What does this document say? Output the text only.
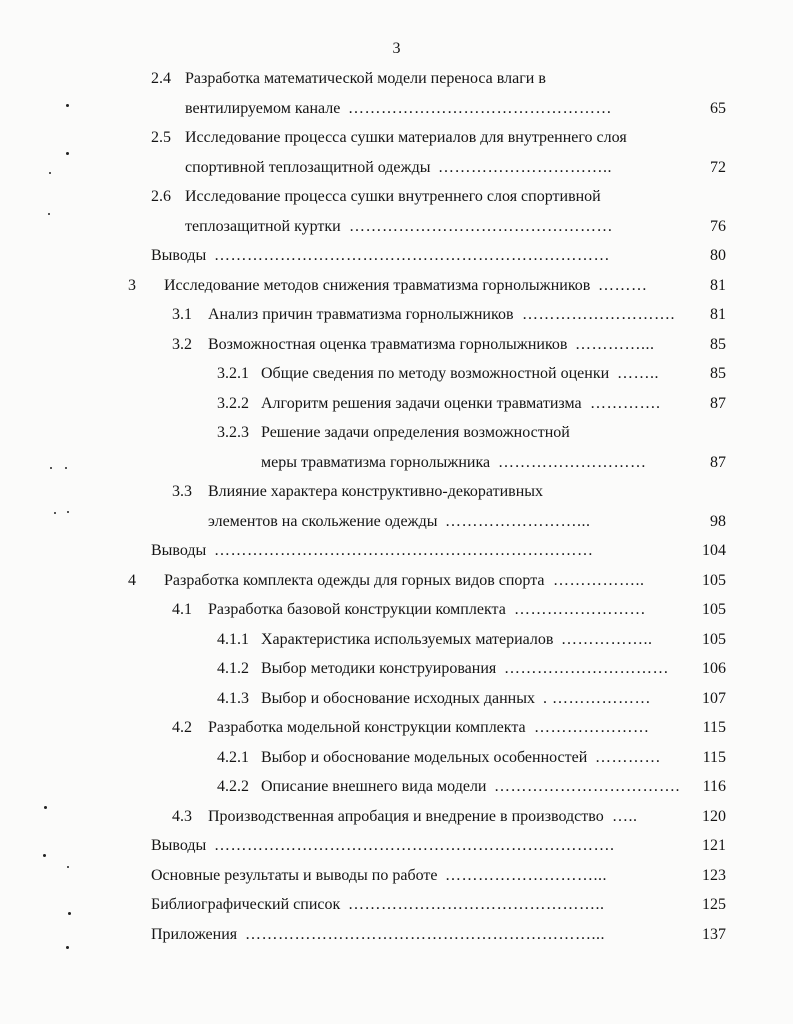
3
2.4 Разработка математической модели переноса влаги в
вентилируемом канале	65
…………………………………………
2.5 Исследование процесса сушки материалов для внутреннего слоя
спортивной теплозащитной одежды	72
…………………………..
2.6 Исследование процесса сушки внутреннего слоя спортивной
теплозащитной куртки	76
…………………………………………
Выводы	80
………………………………………………………………
3 Исследование методов снижения травматизма горнолыжников	81
………
3.1 Анализ причин травматизма горнолыжников	81
……………………….
3.2 Возможностная оценка травматизма горнолыжников	85
…………...
3.2.1 Общие сведения по методу возможностной оценки	85
……..
3.2.2 Алгоритм решения задачи оценки травматизма	87
………….
3.2.3 Решение задачи определения возможностной
меры травматизма горнолыжника	87
………………………
3.3 Влияние характера конструктивно-декоративных
элементов на скольжение одежды	98
……………………...
Выводы	104
……………………………………………………………
4 Разработка комплекта одежды для горных видов спорта	105
……………..
4.1 Разработка базовой конструкции комплекта	105
……………………
4.1.1 Характеристика используемых материалов	105
……………..
4.1.2 Выбор методики конструирования	106
…………………………
4.1.3 Выбор и обоснование исходных данных	107
. ………………
4.2 Разработка модельной конструкции комплекта	115
…………………
4.2.1 Выбор и обоснование модельных особенностей	115
…………
4.2.2 Описание внешнего вида модели	116
…………………………….
4.3 Производственная апробация и внедрение в производство	120
…..
Выводы	121
……………………………………………………………….
Основные результаты и выводы по работе	123
………………………...
Библиографический список	125
………………………………………..
Приложения	137
………………………………………………………...
